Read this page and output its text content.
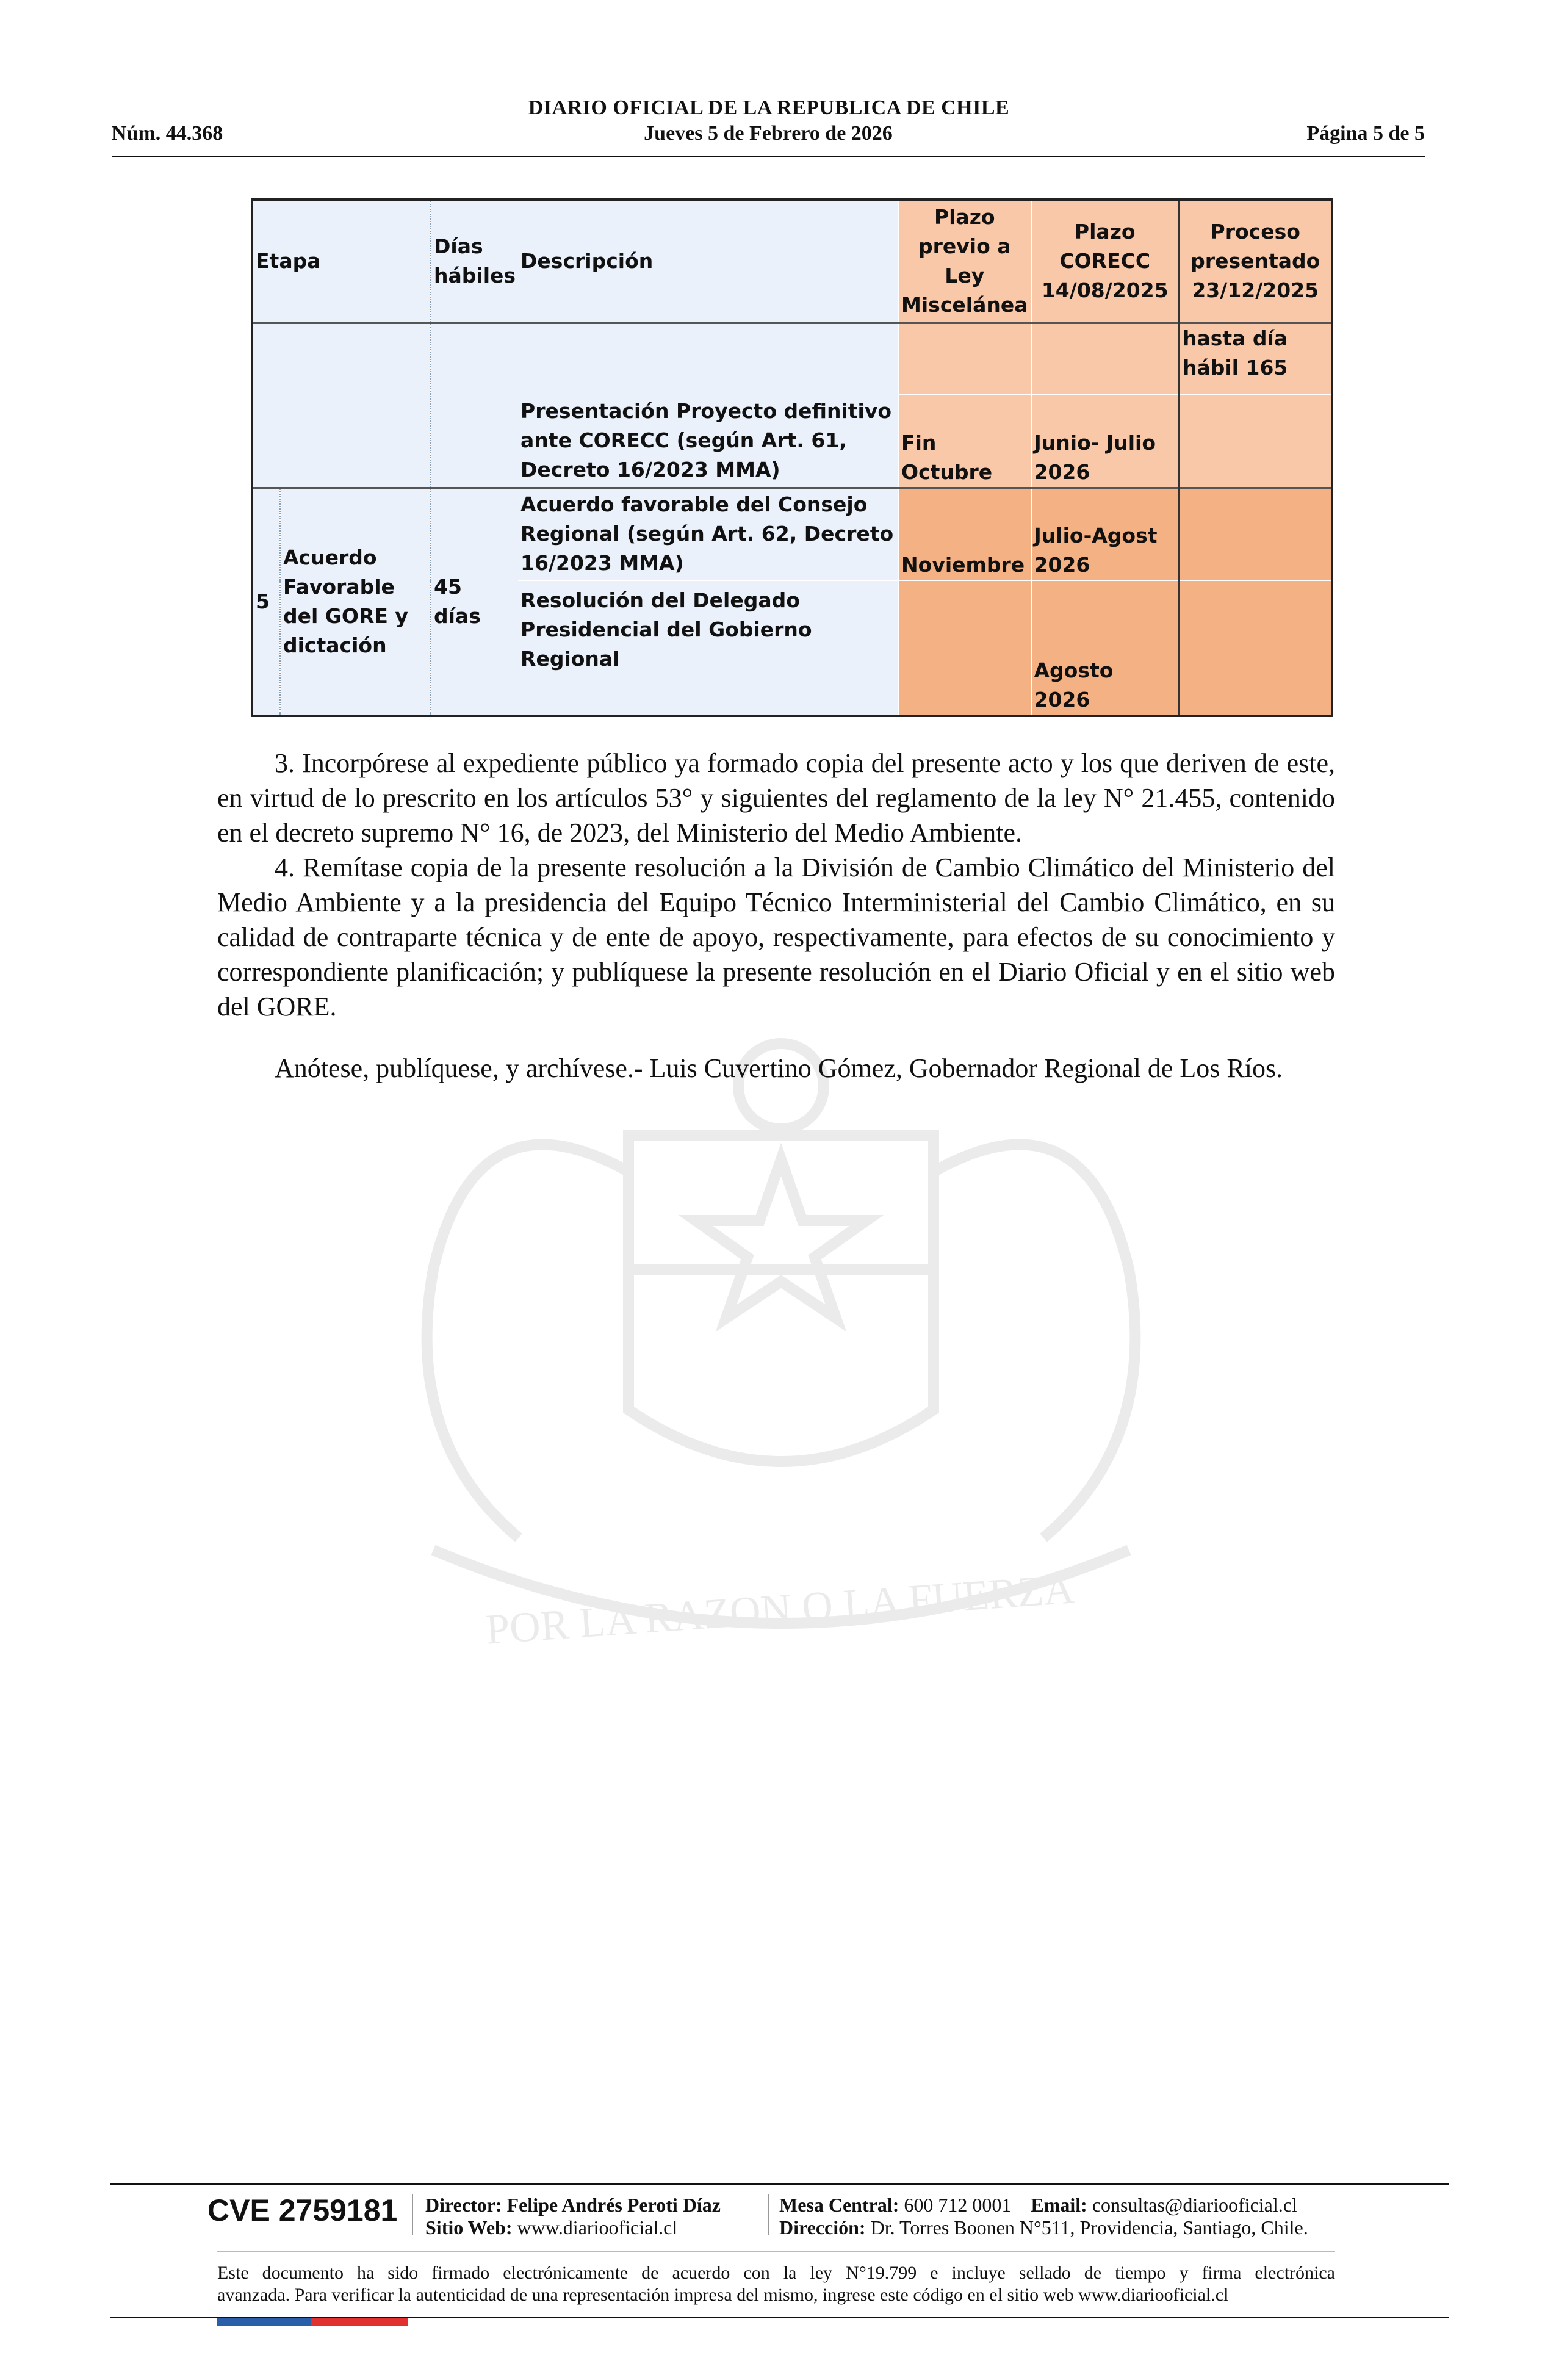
POR LA RAZON O LA FUERZA
DIARIO OFICIAL DE LA REPUBLICA DE CHILE
Núm. 44.368	Jueves 5 de Febrero de 2026	Página 5 de 5
Etapa		Días hábiles	Descripción	Plazo previo a Ley Miscelánea	Plazo CORECC 14/08/2025	Proceso presentado 23/12/2025
						hasta día hábil 165
			Presentación Proyecto definitivo ante CORECC (según Art. 61, Decreto 16/2023 MMA)	Fin Octubre	Junio- Julio 2026	
5	Acuerdo Favorable del GORE y dictación	45 días	Acuerdo favorable del Consejo Regional (según Art. 62, Decreto 16/2023 MMA)	Noviembre	Julio-Agost 2026	
			Resolución del Delegado Presidencial del Gobierno Regional		Agosto 2026	

3. Incorpórese al expediente público ya formado copia del presente acto y los que deriven de este, en virtud de lo prescrito en los artículos 53° y siguientes del reglamento de la ley N° 21.455, contenido en el decreto supremo N° 16, de 2023, del Ministerio del Medio Ambiente.

4. Remítase copia de la presente resolución a la División de Cambio Climático del Ministerio del Medio Ambiente y a la presidencia del Equipo Técnico Interministerial del Cambio Climático, en su calidad de contraparte técnica y de ente de apoyo, respectivamente, para efectos de su conocimiento y correspondiente planificación; y publíquese la presente resolución en el Diario Oficial y en el sitio web del GORE.

Anótese, publíquese, y archívese.- Luis Cuvertino Gómez, Gobernador Regional de Los Ríos.

CVE 2759181 Director: Felipe Andrés Peroti Díaz
Sitio Web: www.diariooficial.cl
Mesa Central: 600 712 0001 Email: consultas@diariooficial.cl
Dirección: Dr. Torres Boonen N°511, Providencia, Santiago, Chile.
Este documento ha sido firmado electrónicamente de acuerdo con la ley N°19.799 e incluye sellado de tiempo y firma electrónica
avanzada. Para verificar la autenticidad de una representación impresa del mismo, ingrese este código en el sitio web www.diariooficial.cl
